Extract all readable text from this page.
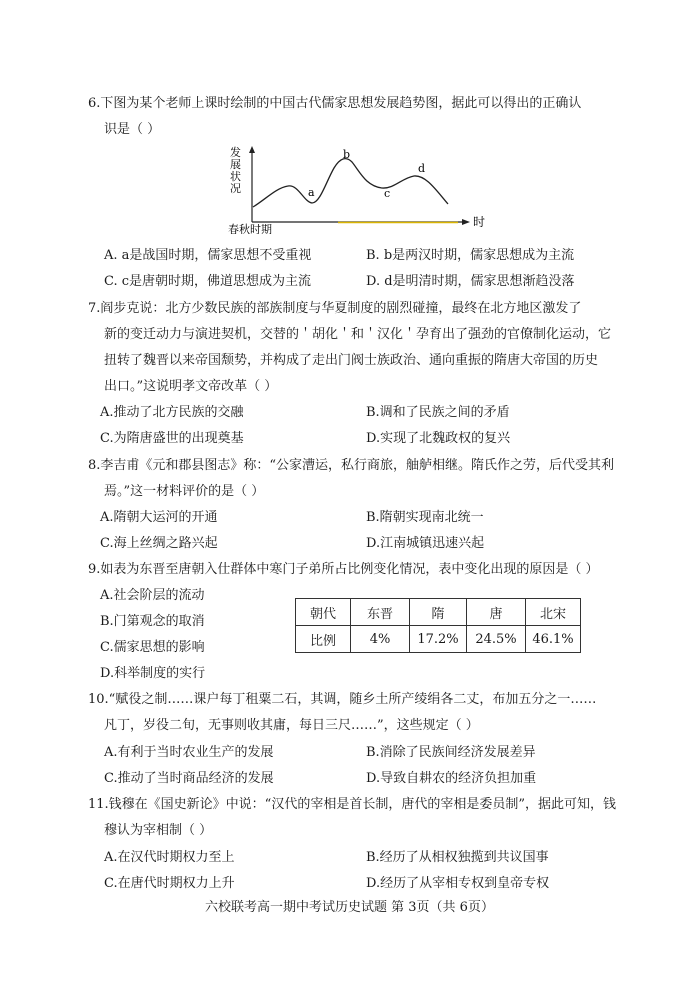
6.下图为某个老师上课时绘制的中国古代儒家思想发展趋势图，据此可以得出的正确认
识是（ ）
a
b
c
d
发
展
状
况
时
春秋时期
A. a是战国时期，儒家思想不受重视	B. b是两汉时期，儒家思想成为主流
C. c是唐朝时期，佛道思想成为主流	D. d是明清时期，儒家思想渐趋没落
7.阎步克说：北方少数民族的部族制度与华夏制度的剧烈碰撞，最终在北方地区激发了
新的变迁动力与演进契机，交替的＇胡化＇和＇汉化＇孕育出了强劲的官僚制化运动，它
扭转了魏晋以来帝国颓势，并构成了走出门阀士族政治、通向重振的隋唐大帝国的历史
出口。”这说明孝文帝改革（ ）
A.推动了北方民族的交融	B.调和了民族之间的矛盾
C.为隋唐盛世的出现奠基	D.实现了北魏政权的复兴
8.李吉甫《元和郡县图志》称：“公家漕运，私行商旅，舳舻相继。隋氏作之劳，后代受其利
焉。”这一材料评价的是（ ）
A.隋朝大运河的开通	B.隋朝实现南北统一
C.海上丝绸之路兴起	D.江南城镇迅速兴起
9.如表为东晋至唐朝入仕群体中寒门子弟所占比例变化情况，表中变化出现的原因是（ ）
A.社会阶层的流动
B.门第观念的取消
C.儒家思想的影响
D.科举制度的实行
朝代	东晋	隋	唐	北宋
比例	4%	17.2%	24.5%	46.1%
10.“赋役之制……课户每丁租粟二石，其调，随乡土所产绫绢各二丈，布加五分之一……
凡丁，岁役二旬，无事则收其庸，每日三尺……”，这些规定（ ）
A.有利于当时农业生产的发展	B.消除了民族间经济发展差异
C.推动了当时商品经济的发展	D.导致自耕农的经济负担加重
11.钱穆在《国史新论》中说：“汉代的宰相是首长制，唐代的宰相是委员制”，据此可知，钱
穆认为宰相制（ ）
A.在汉代时期权力至上	B.经历了从相权独揽到共议国事
C.在唐代时期权力上升	D.经历了从宰相专权到皇帝专权
六校联考高一期中考试历史试题 第 3页（共 6页）
